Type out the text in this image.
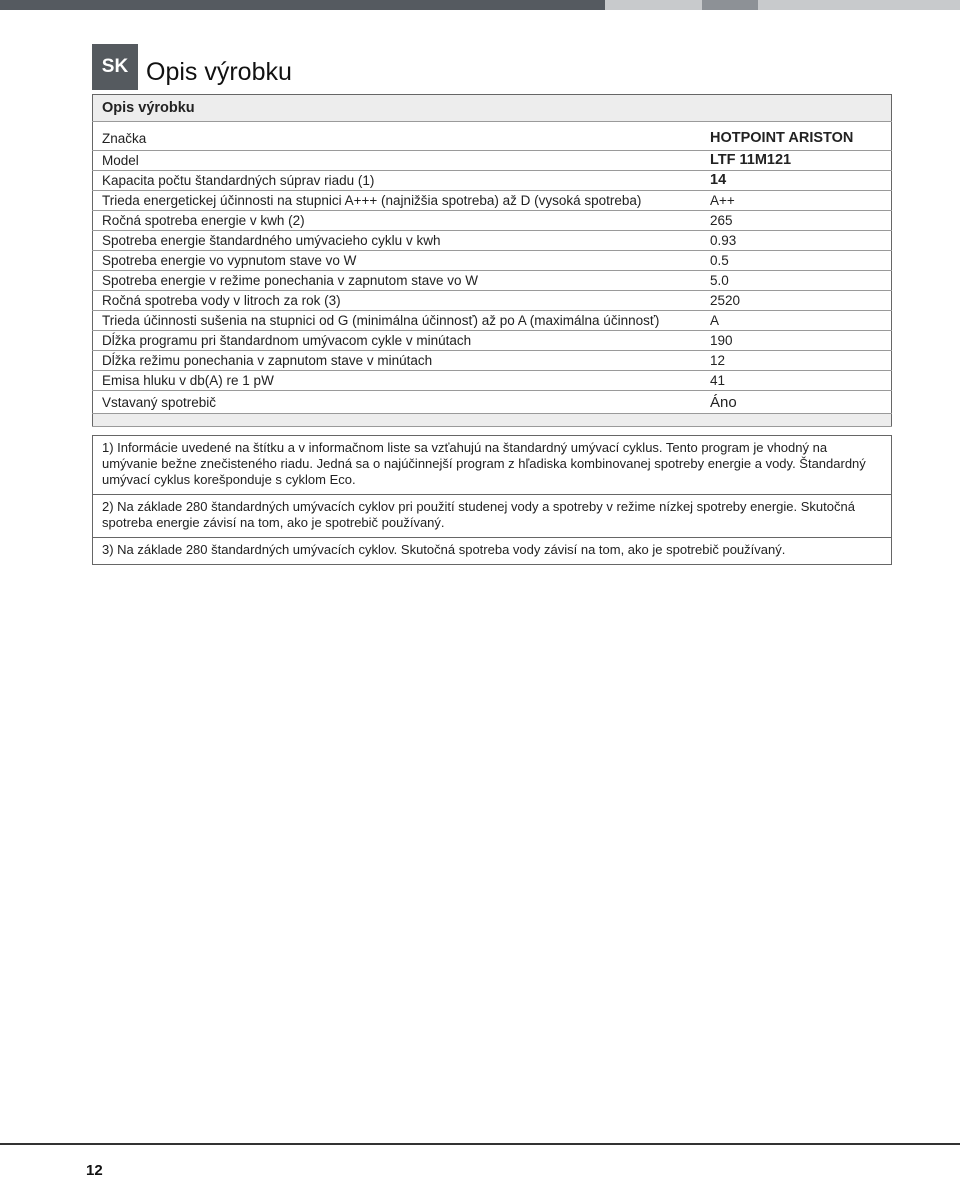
SK Opis výrobku
Opis výrobku	
Značka	HOTPOINT ARISTON
Model	LTF 11M121
Kapacita počtu štandardných súprav riadu (1)	14
Trieda energetickej účinnosti na stupnici A+++ (najnižšia spotreba) až D (vysoká spotreba)	A++
Ročná spotreba energie v kwh (2)	265
Spotreba energie štandardného umývacieho cyklu v kwh	0.93
Spotreba energie vo vypnutom stave vo W	0.5
Spotreba energie v režime ponechania v zapnutom stave vo W	5.0
Ročná spotreba vody v litroch za rok (3)	2520
Trieda účinnosti sušenia na stupnici od G (minimálna účinnosť) až po A (maximálna účinnosť)	A
Dĺžka programu pri štandardnom umývacom cykle v minútach	190
Dĺžka režimu ponechania v zapnutom stave v minútach	12
Emisa hluku v db(A) re 1 pW	41
Vstavaný spotrebič	Áno

1) Informácie uvedené na štítku a v informačnom liste sa vzťahujú na štandardný umývací cyklus. Tento program je vhodný na umývanie bežne znečisteného riadu. Jedná sa o najúčinnejší program z hľadiska kombinovanej spotreby energie a vody. Štandardný umývací cyklus korešponduje s cyklom Eco.
2) Na základe 280 štandardných umývacích cyklov pri použití studenej vody a spotreby v režime nízkej spotreby energie. Skutočná spotreba energie závisí na tom, ako je spotrebič používaný.
3) Na základe 280 štandardných umývacích cyklov. Skutočná spotreba vody závisí na tom, ako je spotrebič používaný.
12
